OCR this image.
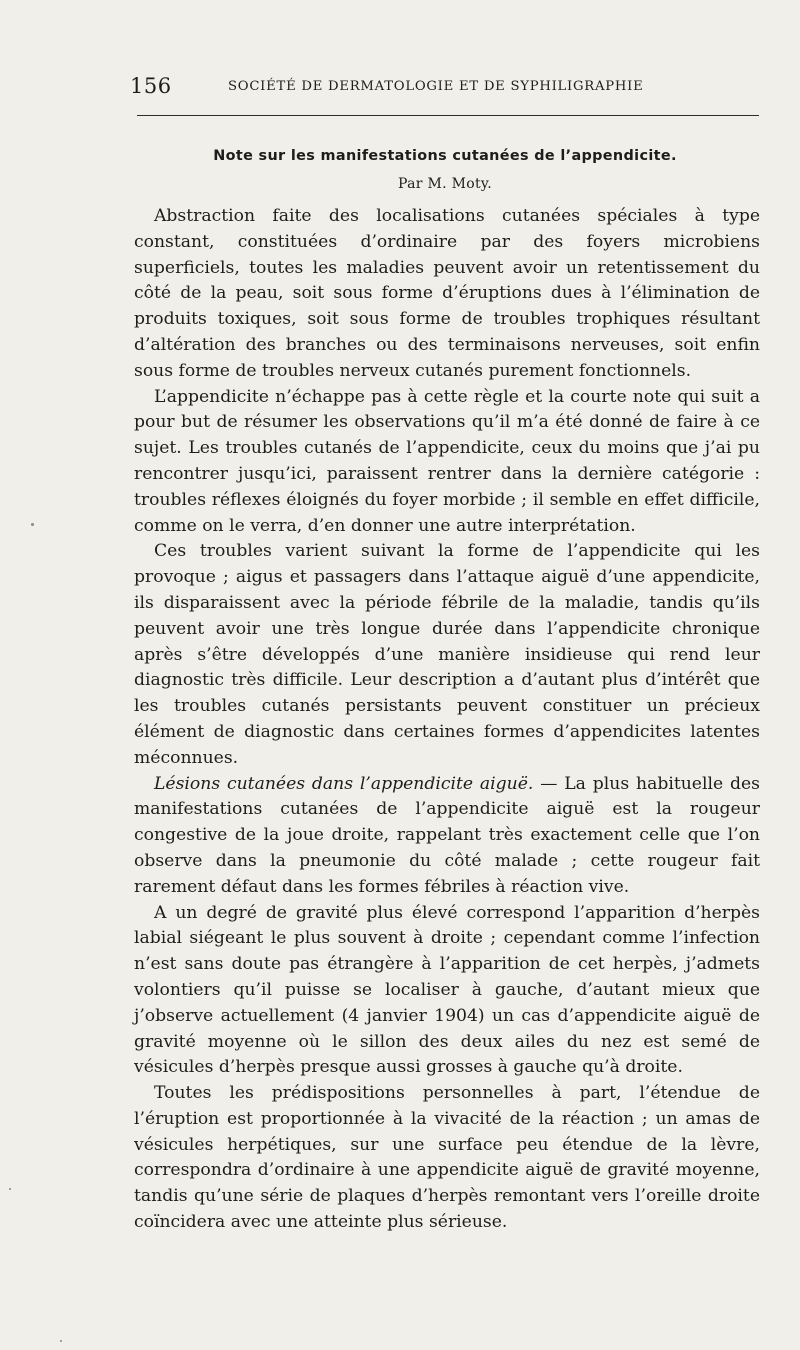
156	SOCIÉTÉ DE DERMATOLOGIE ET DE SYPHILIGRAPHIE
Note sur les manifestations cutanées de l’appendicite.
Par M. Moty.

Abstraction faite des localisations cutanées spéciales à type constant, constituées d’ordinaire par des foyers microbiens superficiels, toutes les maladies peuvent avoir un retentissement du côté de la peau, soit sous forme d’éruptions dues à l’élimination de produits toxiques, soit sous forme de troubles trophiques résultant d’altération des branches ou des terminaisons nerveuses, soit enfin sous forme de troubles nerveux cutanés purement fonctionnels.

L’appendicite n’échappe pas à cette règle et la courte note qui suit a pour but de résumer les observations qu’il m’a été donné de faire à ce sujet. Les troubles cutanés de l’appendicite, ceux du moins que j’ai pu rencontrer jusqu’ici, paraissent rentrer dans la dernière catégorie : troubles réflexes éloignés du foyer morbide ; il semble en effet difficile, comme on le verra, d’en donner une autre interprétation.

Ces troubles varient suivant la forme de l’appendicite qui les provoque ; aigus et passagers dans l’attaque aiguë d’une appendicite, ils disparaissent avec la période fébrile de la maladie, tandis qu’ils peuvent avoir une très longue durée dans l’appendicite chronique après s’être développés d’une manière insidieuse qui rend leur diagnostic très difficile. Leur description a d’autant plus d’intérêt que les troubles cutanés persistants peuvent constituer un précieux élément de diagnostic dans certaines formes d’appendicites latentes méconnues.

Lésions cutanées dans l’appendicite aiguë. — La plus habituelle des manifestations cutanées de l’appendicite aiguë est la rougeur congestive de la joue droite, rappelant très exactement celle que l’on observe dans la pneumonie du côté malade ; cette rougeur fait rarement défaut dans les formes fébriles à réaction vive.

A un degré de gravité plus élevé correspond l’apparition d’herpès labial siégeant le plus souvent à droite ; cependant comme l’infection n’est sans doute pas étrangère à l’apparition de cet herpès, j’admets volontiers qu’il puisse se localiser à gauche, d’autant mieux que j’observe actuellement (4 janvier 1904) un cas d’appendicite aiguë de gravité moyenne où le sillon des deux ailes du nez est semé de vésicules d’herpès presque aussi grosses à gauche qu’à droite.

Toutes les prédispositions personnelles à part, l’étendue de l’éruption est proportionnée à la vivacité de la réaction ; un amas de vésicules herpétiques, sur une surface peu étendue de la lèvre, correspondra d’ordinaire à une appendicite aiguë de gravité moyenne, tandis qu’une série de plaques d’herpès remontant vers l’oreille droite coïncidera avec une atteinte plus sérieuse.
